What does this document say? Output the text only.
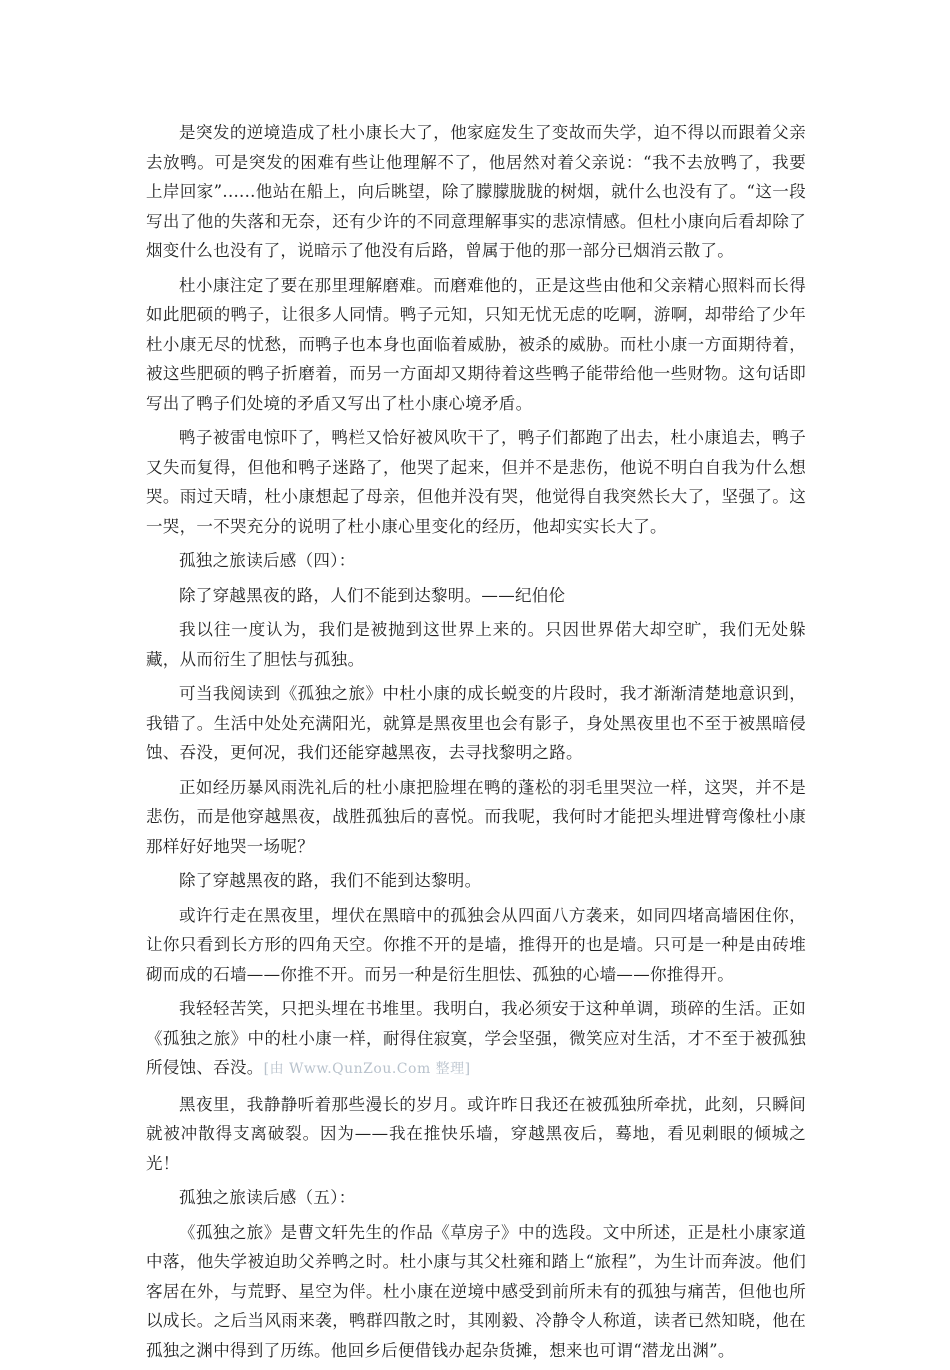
是突发的逆境造成了杜小康长大了，他家庭发生了变故而失学，迫不得以而跟着父亲去放鸭。可是突发的困难有些让他理解不了，他居然对着父亲说：“我不去放鸭了，我要上岸回家”......他站在船上，向后眺望，除了朦朦胧胧的树烟，就什么也没有了。“这一段写出了他的失落和无奈，还有少许的不同意理解事实的悲凉情感。但杜小康向后看却除了烟变什么也没有了，说暗示了他没有后路，曾属于他的那一部分已烟消云散了。

杜小康注定了要在那里理解磨难。而磨难他的，正是这些由他和父亲精心照料而长得如此肥硕的鸭子，让很多人同情。鸭子元知，只知无忧无虑的吃啊，游啊，却带给了少年杜小康无尽的忧愁，而鸭子也本身也面临着威胁，被杀的威胁。而杜小康一方面期待着，被这些肥硕的鸭子折磨着，而另一方面却又期待着这些鸭子能带给他一些财物。这句话即写出了鸭子们处境的矛盾又写出了杜小康心境矛盾。

鸭子被雷电惊吓了，鸭栏又恰好被风吹干了，鸭子们都跑了出去，杜小康追去，鸭子又失而复得，但他和鸭子迷路了，他哭了起来，但并不是悲伤，他说不明白自我为什么想哭。雨过天晴，杜小康想起了母亲，但他并没有哭，他觉得自我突然长大了，坚强了。这一哭，一不哭充分的说明了杜小康心里变化的经历，他却实实长大了。

孤独之旅读后感（四）：

除了穿越黑夜的路，人们不能到达黎明。——纪伯伦

我以往一度认为，我们是被抛到这世界上来的。只因世界偌大却空旷，我们无处躲藏，从而衍生了胆怯与孤独。

可当我阅读到《孤独之旅》中杜小康的成长蜕变的片段时，我才渐渐清楚地意识到，我错了。生活中处处充满阳光，就算是黑夜里也会有影子，身处黑夜里也不至于被黑暗侵蚀、吞没，更何况，我们还能穿越黑夜，去寻找黎明之路。

正如经历暴风雨洗礼后的杜小康把脸埋在鸭的蓬松的羽毛里哭泣一样，这哭，并不是悲伤，而是他穿越黑夜，战胜孤独后的喜悦。而我呢，我何时才能把头埋进臂弯像杜小康那样好好地哭一场呢？

除了穿越黑夜的路，我们不能到达黎明。

或许行走在黑夜里，埋伏在黑暗中的孤独会从四面八方袭来，如同四堵高墙困住你，让你只看到长方形的四角天空。你推不开的是墙，推得开的也是墙。只可是一种是由砖堆砌而成的石墙——你推不开。而另一种是衍生胆怯、孤独的心墙——你推得开。

我轻轻苦笑，只把头埋在书堆里。我明白，我必须安于这种单调，琐碎的生活。正如《孤独之旅》中的杜小康一样，耐得住寂寞，学会坚强，微笑应对生活，才不至于被孤独所侵蚀、吞没。[由 Www.QunZou.Com 整理]

黑夜里，我静静听着那些漫长的岁月。或许昨日我还在被孤独所牵扰，此刻，只瞬间就被冲散得支离破裂。因为——我在推快乐墙，穿越黑夜后，蓦地，看见刺眼的倾城之光！

孤独之旅读后感（五）：

《孤独之旅》是曹文轩先生的作品《草房子》中的选段。文中所述，正是杜小康家道中落，他失学被迫助父养鸭之时。杜小康与其父杜雍和踏上“旅程”，为生计而奔波。他们客居在外，与荒野、星空为伴。杜小康在逆境中感受到前所未有的孤独与痛苦，但他也所以成长。之后当风雨来袭，鸭群四散之时，其刚毅、冷静令人称道，读者已然知晓，他在孤独之渊中得到了历练。他回乡后便借钱办起杂货摊，想来也可谓“潜龙出渊”。
